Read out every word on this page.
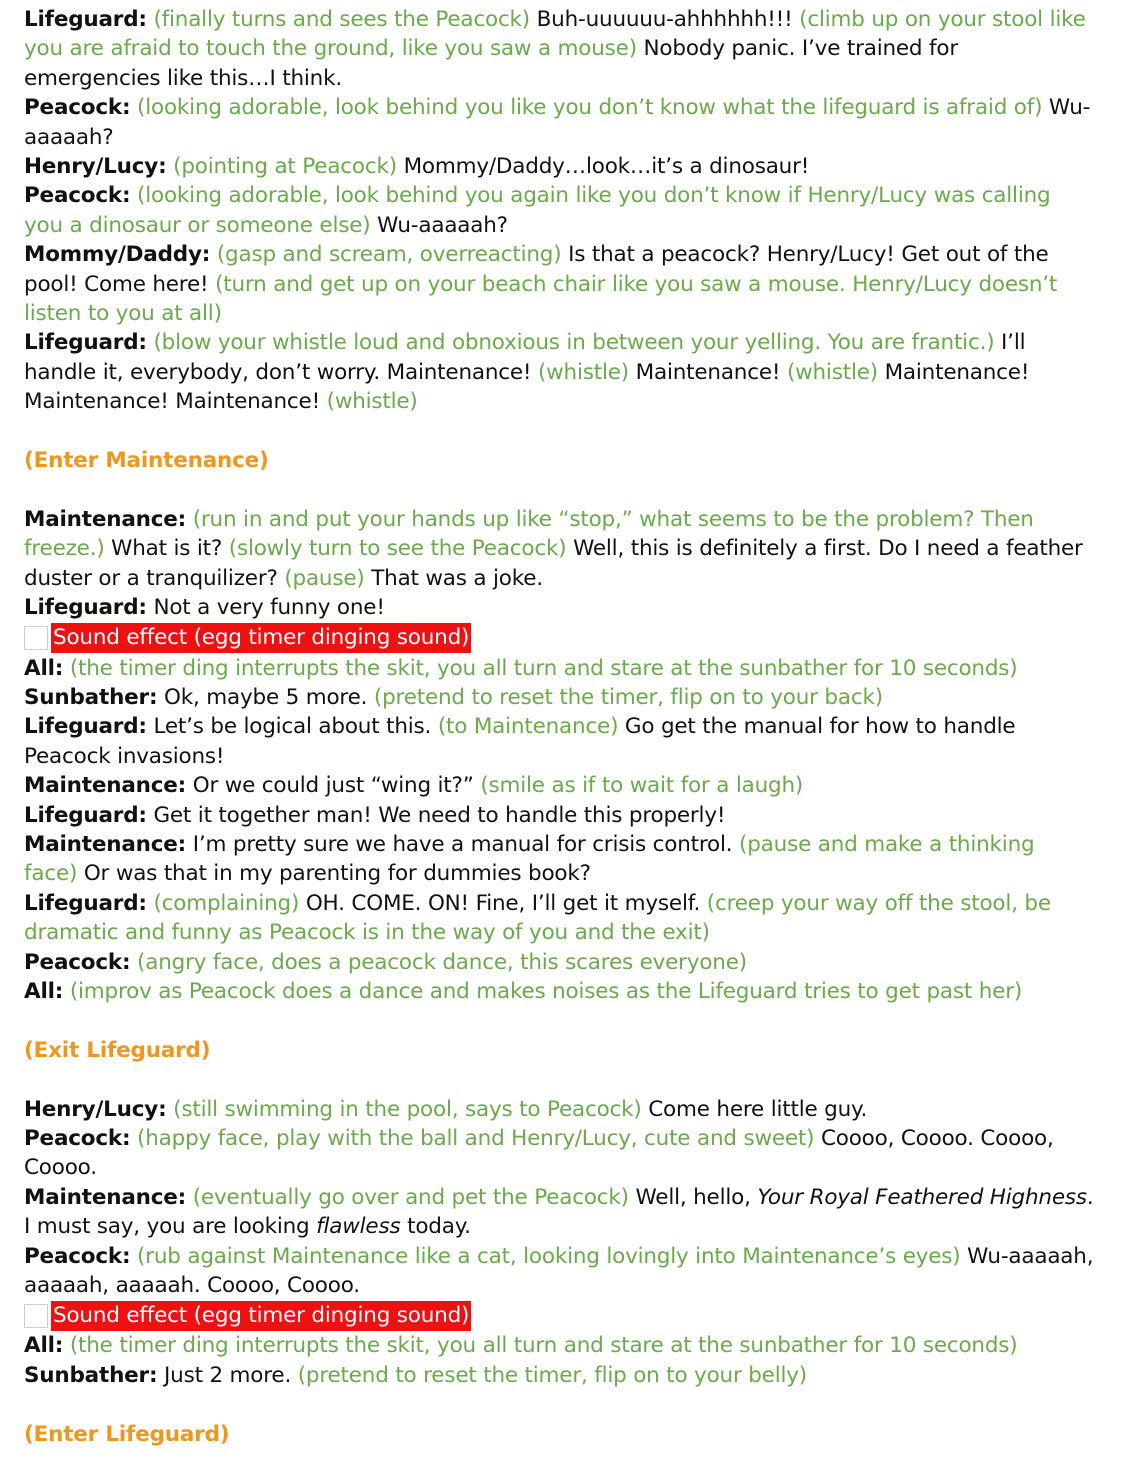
Lifeguard: (finally turns and sees the Peacock) Buh-uuuuuu-ahhhhhh!!! (climb up on your stool like you are afraid to touch the ground, like you saw a mouse) Nobody panic. I’ve trained for emergencies like this…I think.

Peacock: (looking adorable, look behind you like you don’t know what the lifeguard is afraid of) Wu-aaaaah?

Henry/Lucy: (pointing at Peacock) Mommy/Daddy…look…it’s a dinosaur!

Peacock: (looking adorable, look behind you again like you don’t know if Henry/Lucy was calling you a dinosaur or someone else) Wu-aaaaah?

Mommy/Daddy: (gasp and scream, overreacting) Is that a peacock? Henry/Lucy! Get out of the pool! Come here! (turn and get up on your beach chair like you saw a mouse. Henry/Lucy doesn’t listen to you at all)

Lifeguard: (blow your whistle loud and obnoxious in between your yelling. You are frantic.) I’ll handle it, everybody, don’t worry. Maintenance! (whistle) Maintenance! (whistle) Maintenance! Maintenance! Maintenance! (whistle)

(Enter Maintenance)

Maintenance: (run in and put your hands up like “stop,” what seems to be the problem? Then freeze.) What is it? (slowly turn to see the Peacock) Well, this is definitely a first. Do I need a feather duster or a tranquilizer? (pause) That was a joke.

Lifeguard: Not a very funny one!

Sound effect (egg timer dinging sound)

All: (the timer ding interrupts the skit, you all turn and stare at the sunbather for 10 seconds)

Sunbather: Ok, maybe 5 more. (pretend to reset the timer, flip on to your back)

Lifeguard: Let’s be logical about this. (to Maintenance) Go get the manual for how to handle Peacock invasions!

Maintenance: Or we could just “wing it?” (smile as if to wait for a laugh)

Lifeguard: Get it together man! We need to handle this properly!

Maintenance: I’m pretty sure we have a manual for crisis control. (pause and make a thinking face) Or was that in my parenting for dummies book?

Lifeguard: (complaining) OH. COME. ON! Fine, I’ll get it myself. (creep your way off the stool, be dramatic and funny as Peacock is in the way of you and the exit)

Peacock: (angry face, does a peacock dance, this scares everyone)

All: (improv as Peacock does a dance and makes noises as the Lifeguard tries to get past her)

(Exit Lifeguard)

Henry/Lucy: (still swimming in the pool, says to Peacock) Come here little guy.

Peacock: (happy face, play with the ball and Henry/Lucy, cute and sweet) Coooo, Coooo. Coooo, Coooo.

Maintenance: (eventually go over and pet the Peacock) Well, hello, Your Royal Feathered Highness. I must say, you are looking flawless today.

Peacock: (rub against Maintenance like a cat, looking lovingly into Maintenance’s eyes) Wu-aaaaah, aaaaah, aaaaah. Coooo, Coooo.

Sound effect (egg timer dinging sound)

All: (the timer ding interrupts the skit, you all turn and stare at the sunbather for 10 seconds)

Sunbather: Just 2 more. (pretend to reset the timer, flip on to your belly)

(Enter Lifeguard)
